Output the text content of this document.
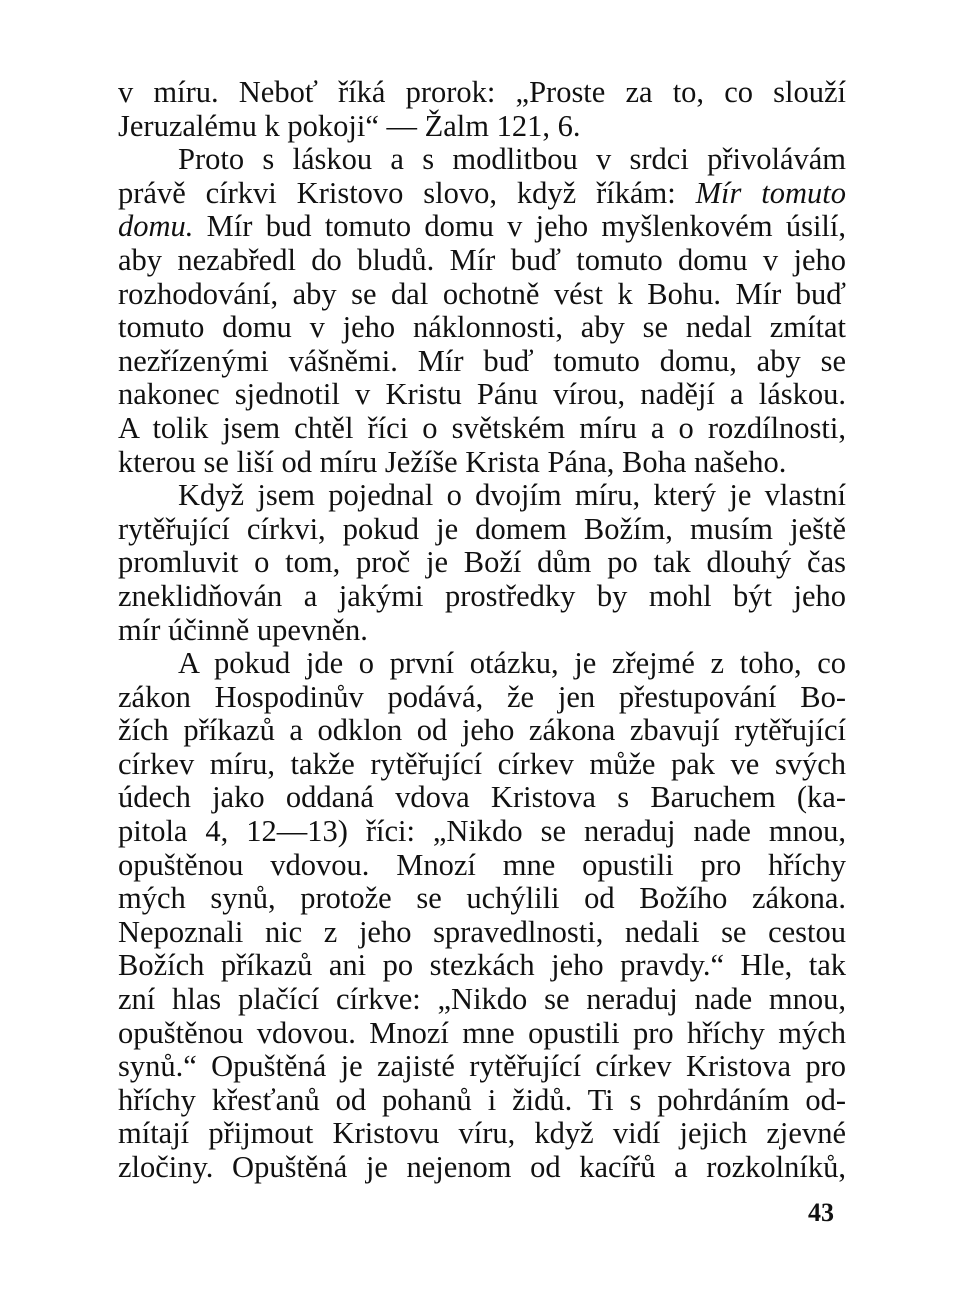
v míru. Neboť říká prorok: „Proste za to, co slouží
Jeruzalému k pokoji“ — Žalm 121, 6.
Proto s láskou a s modlitbou v srdci přivolávám
právě církvi Kristovo slovo, když říkám: Mír tomuto
domu. Mír bud tomuto domu v jeho myšlenkovém úsilí,
aby nezabředl do bludů. Mír buď tomuto domu v jeho
rozhodování, aby se dal ochotně vést k Bohu. Mír buď
tomuto domu v jeho náklonnosti, aby se nedal zmítat
nezřízenými vášněmi. Mír buď tomuto domu, aby se
nakonec sjednotil v Kristu Pánu vírou, nadějí a láskou.
A tolik jsem chtěl říci o světském míru a o rozdílnosti,
kterou se liší od míru Ježíše Krista Pána, Boha našeho.
Když jsem pojednal o dvojím míru, který je vlastní
rytěřující církvi, pokud je domem Božím, musím ještě
promluvit o tom, proč je Boží dům po tak dlouhý čas
zneklidňován a jakými prostředky by mohl být jeho
mír účinně upevněn.
A pokud jde o první otázku, je zřejmé z toho, co
zákon Hospodinův podává, že jen přestupování Bo-
žích příkazů a odklon od jeho zákona zbavují rytěřující
církev míru, takže rytěřující církev může pak ve svých
údech jako oddaná vdova Kristova s Baruchem (ka-
pitola 4, 12—13) říci: „Nikdo se neraduj nade mnou,
opuštěnou vdovou. Mnozí mne opustili pro hříchy
mých synů, protože se uchýlili od Božího zákona.
Nepoznali nic z jeho spravedlnosti, nedali se cestou
Božích příkazů ani po stezkách jeho pravdy.“ Hle, tak
zní hlas plačící církve: „Nikdo se neraduj nade mnou,
opuštěnou vdovou. Mnozí mne opustili pro hříchy mých
synů.“ Opuštěná je zajisté rytěřující církev Kristova pro
hříchy křesťanů od pohanů i židů. Ti s pohrdáním od-
mítají přijmout Kristovu víru, když vidí jejich zjevné
zločiny. Opuštěná je nejenom od kacířů a rozkolníků,
43
